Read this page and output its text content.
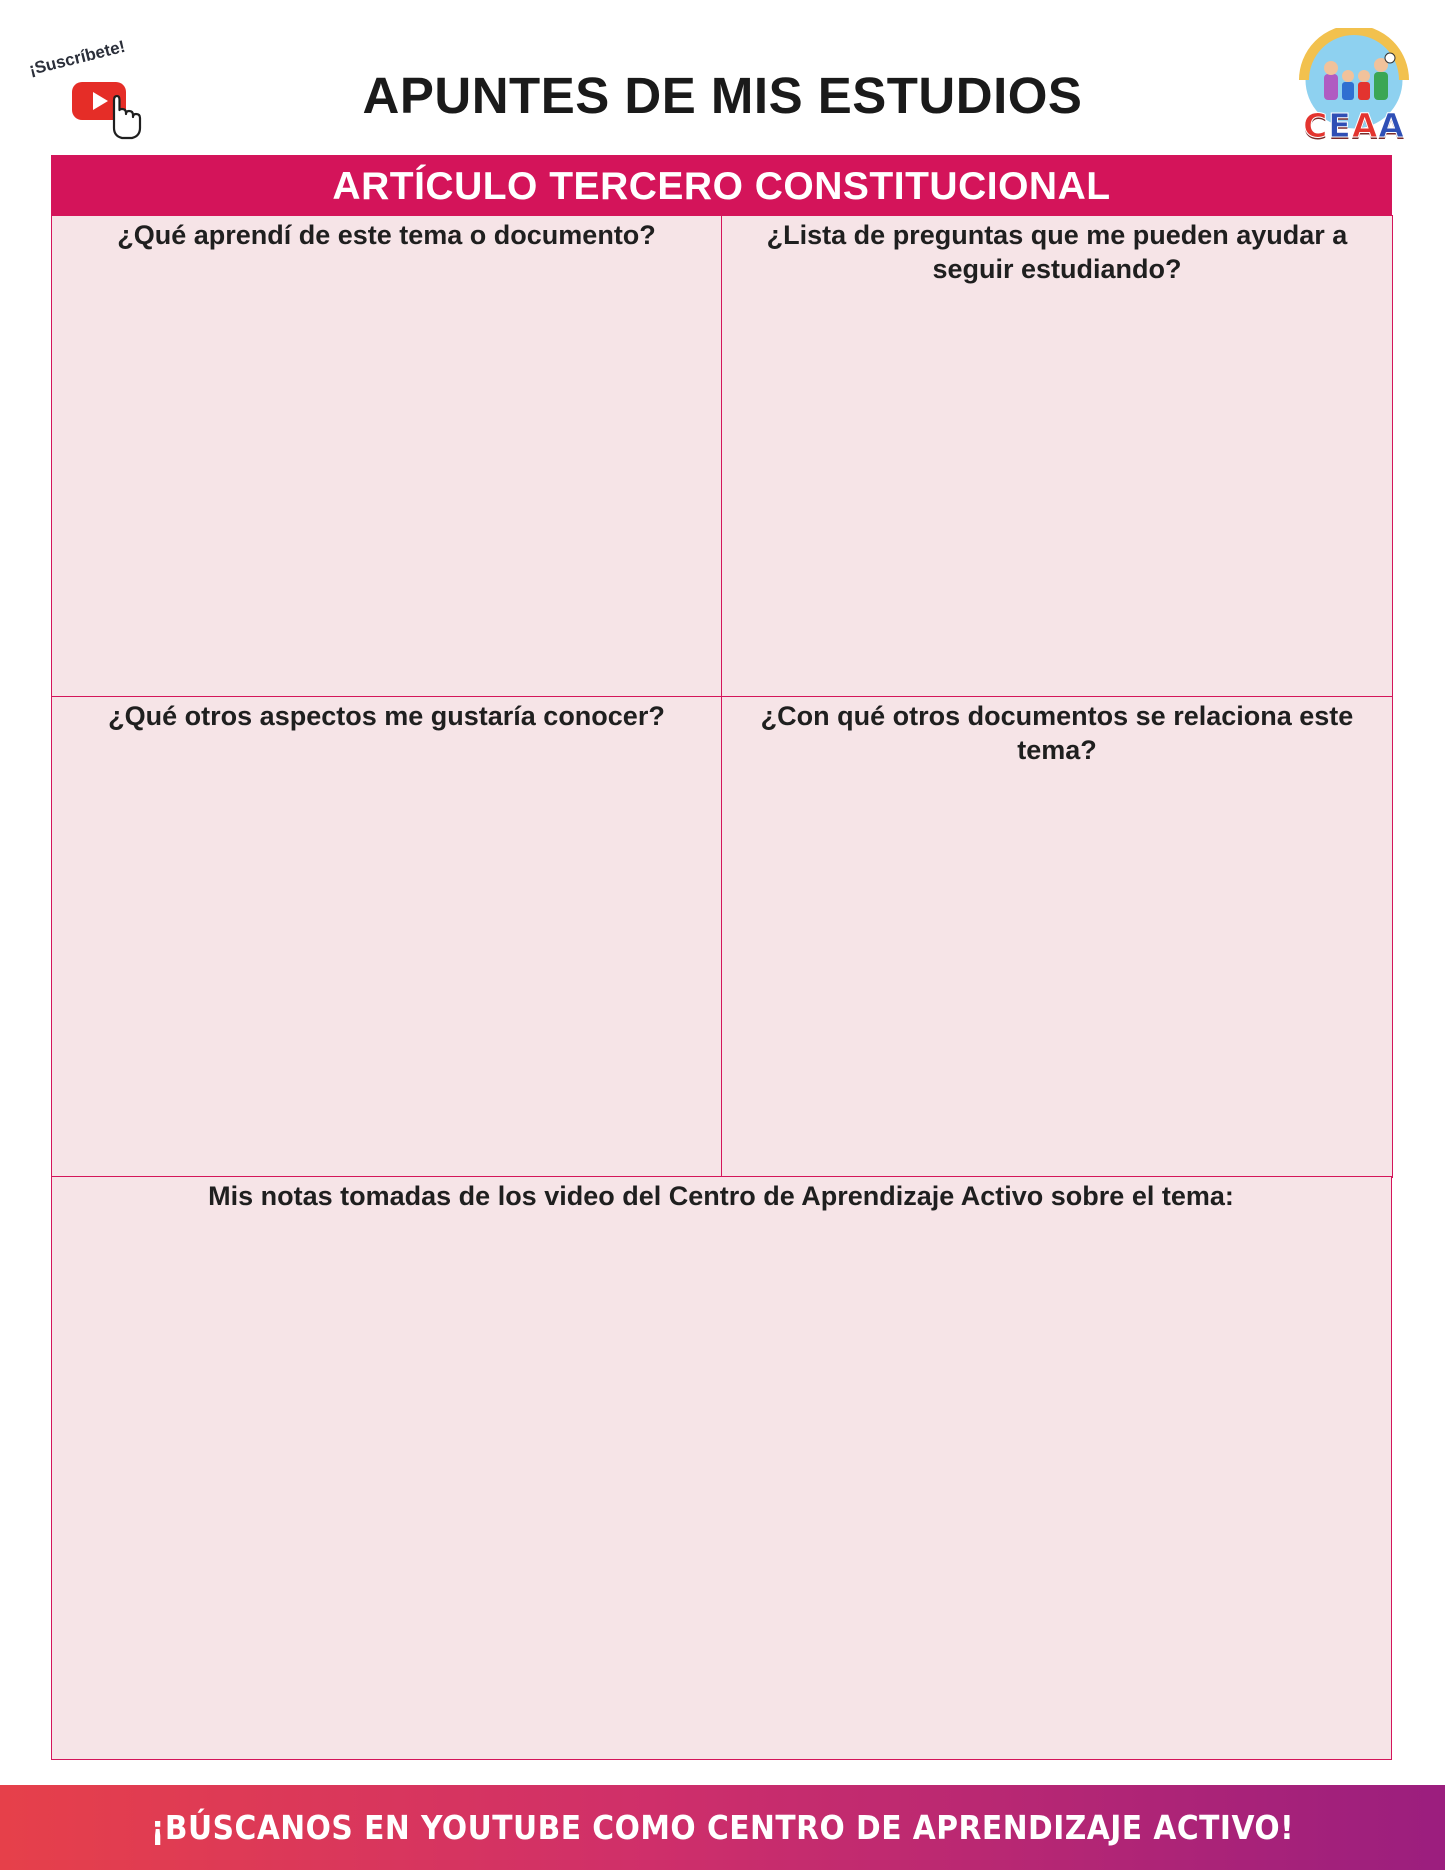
¡Suscríbete!
APUNTES DE MIS ESTUDIOS
CEAA
ARTÍCULO TERCERO CONSTITUCIONAL
¿Qué aprendí de este tema o documento?	¿Lista de preguntas que me pueden ayudar a seguir estudiando?
¿Qué otros aspectos me gustaría conocer?	¿Con qué otros documentos se relaciona este tema?
Mis notas tomadas de los video del Centro de Aprendizaje Activo sobre el tema:
¡BÚSCANOS EN YOUTUBE COMO CENTRO DE APRENDIZAJE ACTIVO!
